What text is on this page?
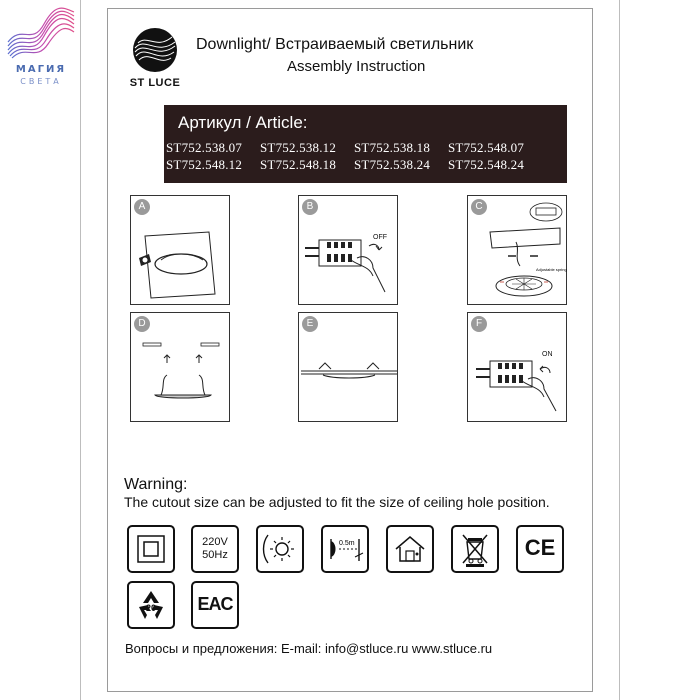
МАГИЯ
СВЕТА	ST LUCE
Downlight/ Встраиваемый светильник
Assembly Instruction
Артикул / Article:
ST752.538.07 ST752.538.12 ST752.538.18 ST752.548.07
ST752.548.12 ST752.548.18 ST752.538.24 ST752.548.24
A	B
OFF
Adjustable spring
C
D	E	F
ON
Warning:
The cutout size can be adjusted to fit the size of ceiling hole position.
220V
50Hz
0.5m	CE
20 EAC
Вопросы и предложения: E-mail: info@stluce.ru www.stluce.ru
